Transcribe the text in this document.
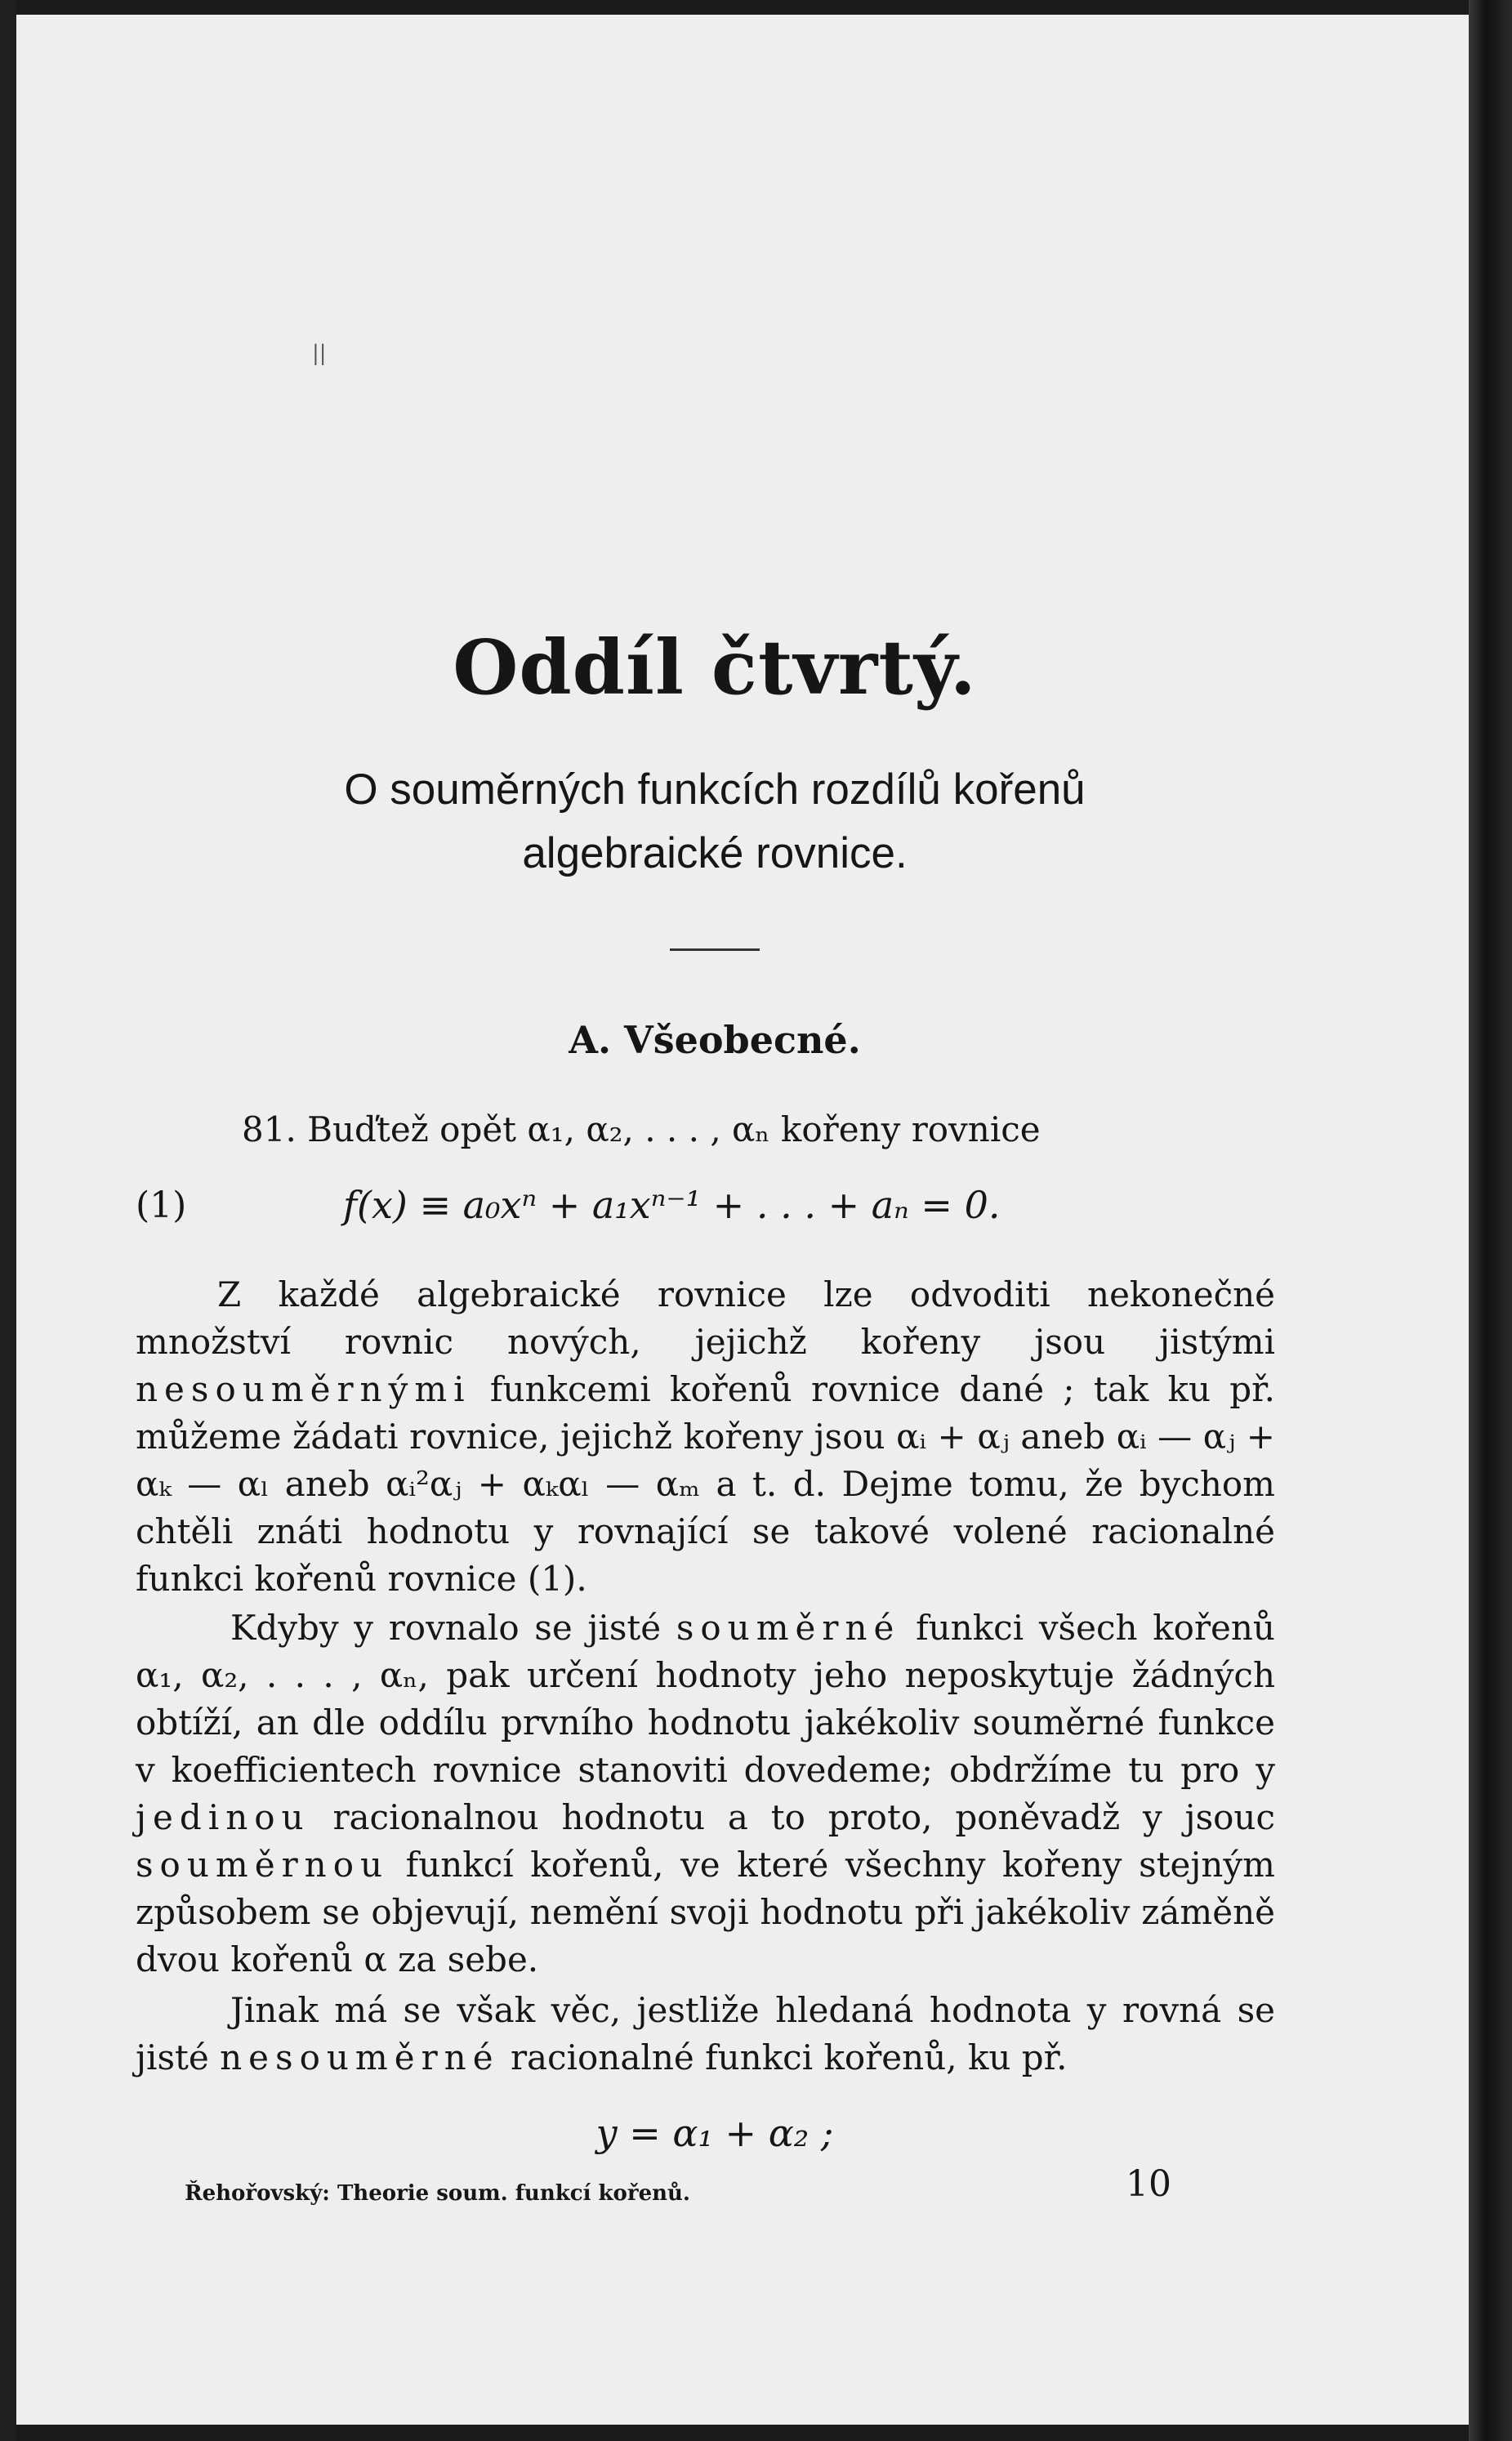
||
Oddíl čtvrtý.
O souměrných funkcích rozdílů kořenů
algebraické rovnice.
A. Všeobecné.
81. Buďtež opět α₁, α₂, . . . , αₙ kořeny rovnice
(1)	f(x) ≡ a₀xⁿ + a₁xⁿ⁻¹ + . . . + aₙ = 0.
Z každé algebraické rovnice lze odvoditi nekonečné množství rovnic nových, jejichž kořeny jsou jistými nesouměrnými funkcemi kořenů rovnice dané ; tak ku př. můžeme žádati rovnice, jejichž kořeny jsou αᵢ + αⱼ aneb αᵢ — αⱼ + αₖ — αₗ aneb αᵢ²αⱼ + αₖαₗ — αₘ a t. d. Dejme tomu, že bychom chtěli znáti hodnotu y rovnající se takové volené racionalné funkci kořenů rovnice (1).
Kdyby y rovnalo se jisté souměrné funkci všech kořenů α₁, α₂, . . . , αₙ, pak určení hodnoty jeho neposkytuje žádných obtíží, an dle oddílu prvního hodnotu jakékoliv souměrné funkce v koefficientech rovnice stanoviti dovedeme; obdržíme tu pro y jedinou racionalnou hodnotu a to proto, poněvadž y jsouc souměrnou funkcí kořenů, ve které všechny kořeny stejným způsobem se objevují, nemění svoji hodnotu při jakékoliv záměně dvou kořenů α za sebe.
Jinak má se však věc, jestliže hledaná hodnota y rovná se jisté nesouměrné racionalné funkci kořenů, ku př.
y = α₁ + α₂ ;
Řehořovský: Theorie soum. funkcí kořenů.	10
